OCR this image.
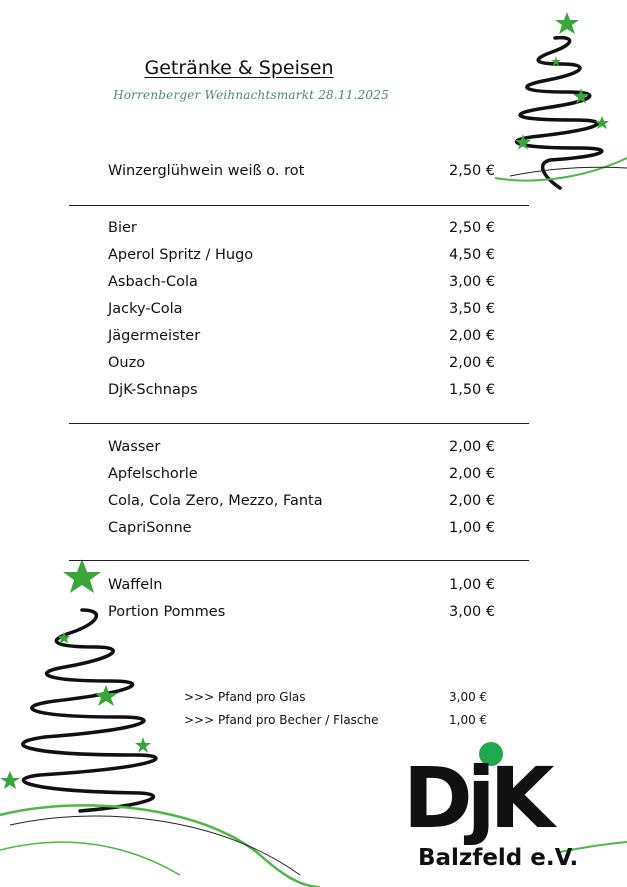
Getränke & Speisen
Horrenberger Weihnachtsmarkt 28.11.2025
Winzerglühwein weiß o. rot	2,50 €
Bier	2,50 €
Aperol Spritz / Hugo	4,50 €
Asbach-Cola	3,00 €
Jacky-Cola	3,50 €
Jägermeister	2,00 €
Ouzo	2,00 €
DjK-Schnaps	1,50 €
Wasser	2,00 €
Apfelschorle	2,00 €
Cola, Cola Zero, Mezzo, Fanta	2,00 €
CapriSonne	1,00 €
Waffeln	1,00 €
Portion Pommes	3,00 €
>>> Pfand pro Glas	3,00 €
>>> Pfand pro Becher / Flasche	1,00 €
DjK
Balzfeld e.V.
